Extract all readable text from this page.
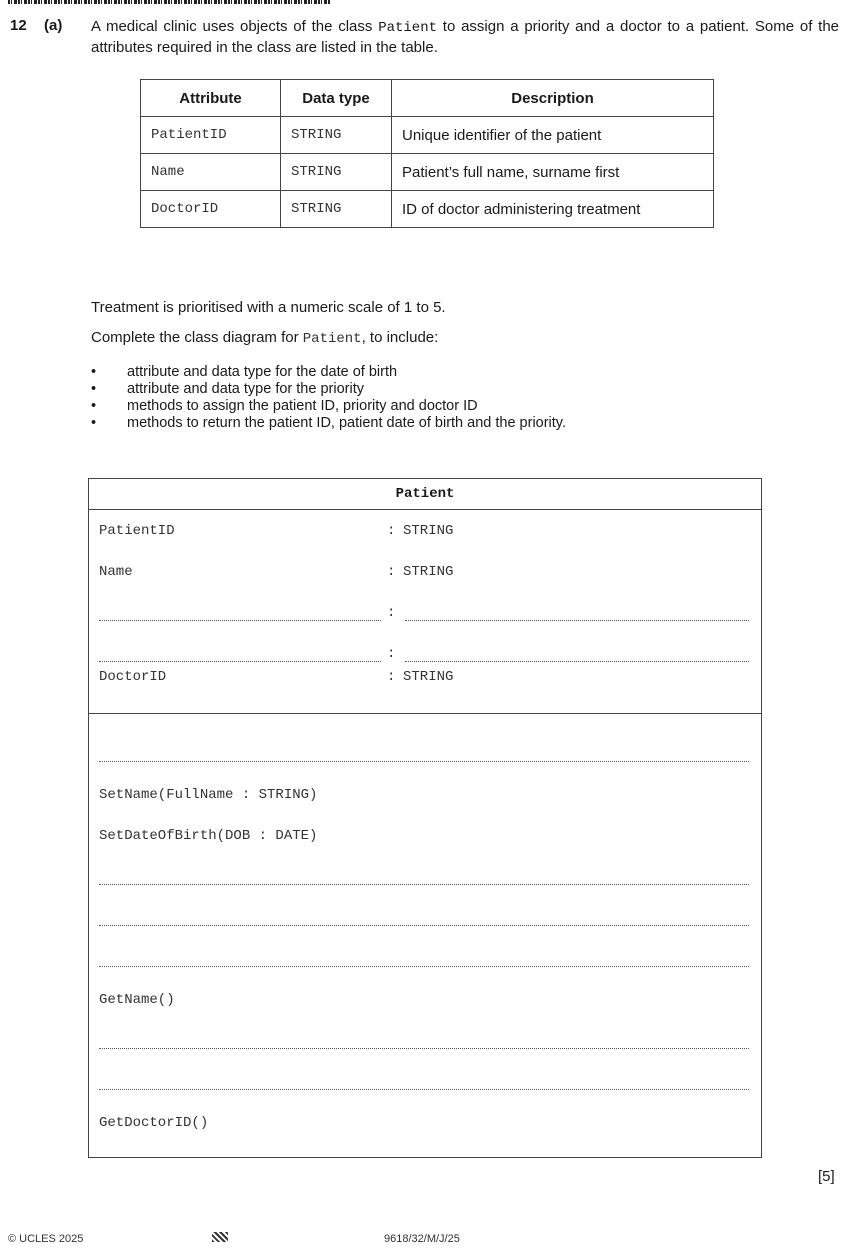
12 (a) A medical clinic uses objects of the class Patient to assign a priority and a doctor to a patient. Some of the attributes required in the class are listed in the table.
Attribute	Data type	Description
PatientID	STRING	Unique identifier of the patient
Name	STRING	Patient’s full name, surname first
DoctorID	STRING	ID of doctor administering treatment
Treatment is prioritised with a numeric scale of 1 to 5.
Complete the class diagram for Patient, to include:
• attribute and data type for the date of birth
• attribute and data type for the priority
• methods to assign the patient ID, priority and doctor ID
• methods to return the patient ID, patient date of birth and the priority.
Patient
PatientID	: STRING
Name	: STRING
:
:
DoctorID	: STRING
SetName(FullName : STRING)
SetDateOfBirth(DOB : DATE)
GetName()
GetDoctorID()
[5]
© UCLES 2025	9618/32/M/J/25
